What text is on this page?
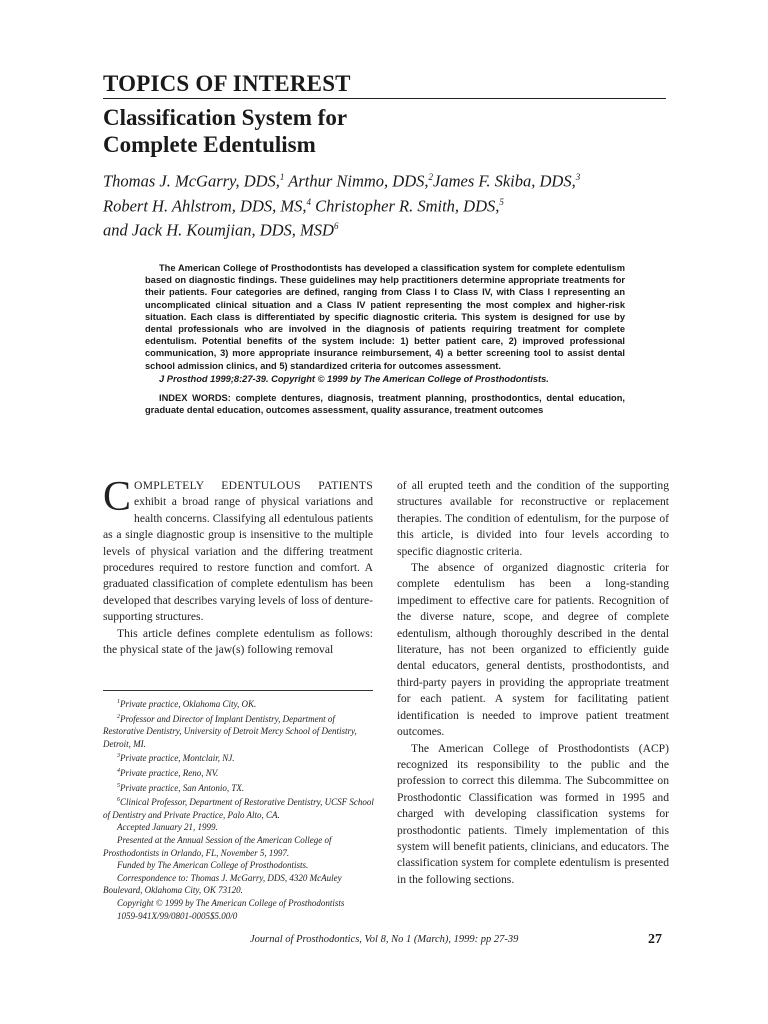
TOPICS OF INTEREST
Classification System for
Complete Edentulism
Thomas J. McGarry, DDS,$^1$ Arthur Nimmo, DDS,$^2$James F. Skiba, DDS,$^3$
Robert H. Ahlstrom, DDS, MS,$^4$ Christopher R. Smith, DDS,$^5$
and Jack H. Koumjian, DDS, MSD$^6$

The American College of Prosthodontists has developed a classification system for complete edentulism based on diagnostic findings. These guidelines may help practitioners determine appropriate treatments for their patients. Four categories are defined, ranging from Class I to Class IV, with Class I representing an uncomplicated clinical situation and a Class IV patient representing the most complex and higher-risk situation. Each class is differentiated by specific diagnostic criteria. This system is designed for use by dental professionals who are involved in the diagnosis of patients requiring treatment for complete edentulism. Potential benefits of the system include: 1) better patient care, 2) improved professional communication, 3) more appropriate insurance reimbursement, 4) a better screening tool to assist dental school admission clinics, and 5) standardized criteria for outcomes assessment.

J Prosthod 1999;8:27-39. Copyright © 1999 by The American College of Prosthodontists.

INDEX WORDS: complete dentures, diagnosis, treatment planning, prosthodontics, dental education, graduate dental education, outcomes assessment, quality assurance, treatment outcomes

COMPLETELY EDENTULOUS PATIENTS exhibit a broad range of physical variations and health concerns. Classifying all edentulous patients as a single diagnostic group is insensitive to the multiple levels of physical variation and the differing treatment procedures required to restore function and comfort. A graduated classification of complete edentulism has been developed that describes varying levels of loss of denture-supporting structures.

This article defines complete edentulism as follows: the physical state of the jaw(s) following removal

$^1$Private practice, Oklahoma City, OK.

$^2$Professor and Director of Implant Dentistry, Department of Restorative Dentistry, University of Detroit Mercy School of Dentistry, Detroit, MI.

$^3$Private practice, Montclair, NJ.

$^4$Private practice, Reno, NV.

$^5$Private practice, San Antonio, TX.

$^6$Clinical Professor, Department of Restorative Dentistry, UCSF School of Dentistry and Private Practice, Palo Alto, CA.

Accepted January 21, 1999.

Presented at the Annual Session of the American College of Prosthodontists in Orlando, FL, November 5, 1997.

Funded by The American College of Prosthodontists.

Correspondence to: Thomas J. McGarry, DDS, 4320 McAuley Boulevard, Oklahoma City, OK 73120.

Copyright © 1999 by The American College of Prosthodontists

1059-941X/99/0801-0005$5.00/0

of all erupted teeth and the condition of the supporting structures available for reconstructive or replacement therapies. The condition of edentulism, for the purpose of this article, is divided into four levels according to specific diagnostic criteria.

The absence of organized diagnostic criteria for complete edentulism has been a long-standing impediment to effective care for patients. Recognition of the diverse nature, scope, and degree of complete edentulism, although thoroughly described in the dental literature, has not been organized to efficiently guide dental educators, general dentists, prosthodontists, and third-party payers in providing the appropriate treatment for each patient. A system for facilitating patient identification is needed to improve patient treatment outcomes.

The American College of Prosthodontists (ACP) recognized its responsibility to the public and the profession to correct this dilemma. The Subcommittee on Prosthodontic Classification was formed in 1995 and charged with developing classification systems for prosthodontic patients. Timely implementation of this system will benefit patients, clinicians, and educators. The classification system for complete edentulism is presented in the following sections.

Journal of Prosthodontics, Vol 8, No 1 (March), 1999: pp 27-39	27
